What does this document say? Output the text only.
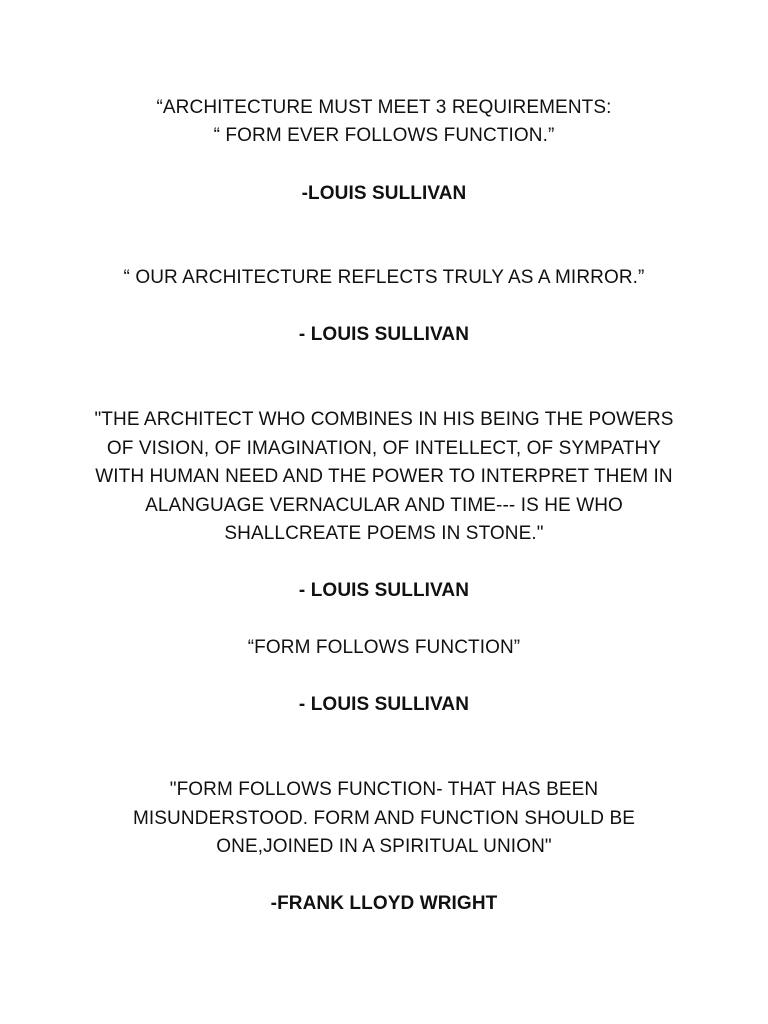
“ARCHITECTURE MUST MEET 3 REQUIREMENTS:
“ FORM EVER FOLLOWS FUNCTION.”
-LOUIS SULLIVAN
“ OUR ARCHITECTURE REFLECTS TRULY AS A MIRROR.”
- LOUIS SULLIVAN
"THE ARCHITECT WHO COMBINES IN HIS BEING THE POWERS
OF VISION, OF IMAGINATION, OF INTELLECT, OF SYMPATHY
WITH HUMAN NEED AND THE POWER TO INTERPRET THEM IN
ALANGUAGE VERNACULAR AND TIME--- IS HE WHO
SHALLCREATE POEMS IN STONE."
- LOUIS SULLIVAN
“FORM FOLLOWS FUNCTION”
- LOUIS SULLIVAN
"FORM FOLLOWS FUNCTION- THAT HAS BEEN
MISUNDERSTOOD. FORM AND FUNCTION SHOULD BE
ONE,JOINED IN A SPIRITUAL UNION"
-FRANK LLOYD WRIGHT
